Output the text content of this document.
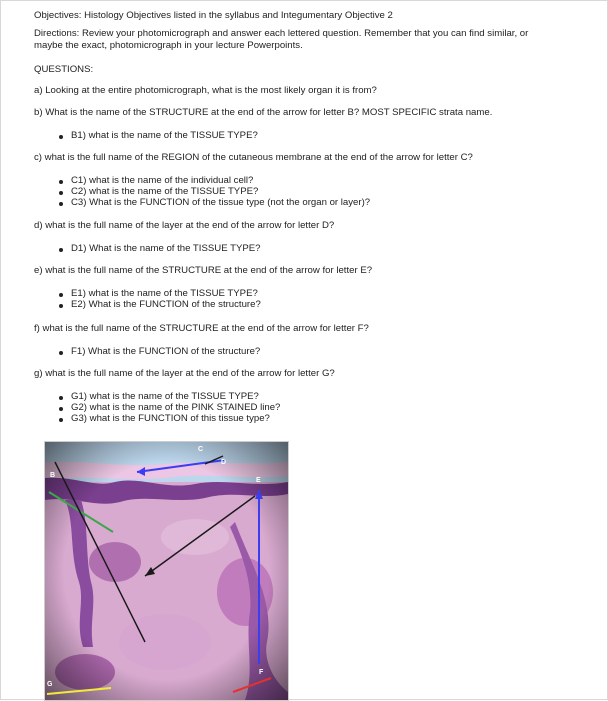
Objectives: Histology Objectives listed in the syllabus and Integumentary Objective 2
Directions: Review your photomicrograph and answer each lettered question. Remember that you can find similar, or
maybe the exact, photomicrograph in your lecture Powerpoints.
QUESTIONS:
a) Looking at the entire photomicrograph, what is the most likely organ it is from?
b) What is the name of the STRUCTURE at the end of the arrow for letter B? MOST SPECIFIC strata name.
B1) what is the name of the TISSUE TYPE?
c) what is the full name of the REGION of the cutaneous membrane at the end of the arrow for letter C?
C1) what is the name of the individual cell?
C2) what is the name of the TISSUE TYPE?
C3) What is the FUNCTION of the tissue type (not the organ or layer)?
d) what is the full name of the layer at the end of the arrow for letter D?
D1) What is the name of the TISSUE TYPE?
e) what is the full name of the STRUCTURE at the end of the arrow for letter E?
E1) what is the name of the TISSUE TYPE?
E2) What is the FUNCTION of the structure?
f) what is the full name of the STRUCTURE at the end of the arrow for letter F?
F1) What is the FUNCTION of the structure?
g) what is the full name of the layer at the end of the arrow for letter G?
G1) what is the name of the TISSUE TYPE?
G2) what is the name of the PINK STAINED line?
G3) what is the FUNCTION of this tissue type?
B
C
D
E
F
G
